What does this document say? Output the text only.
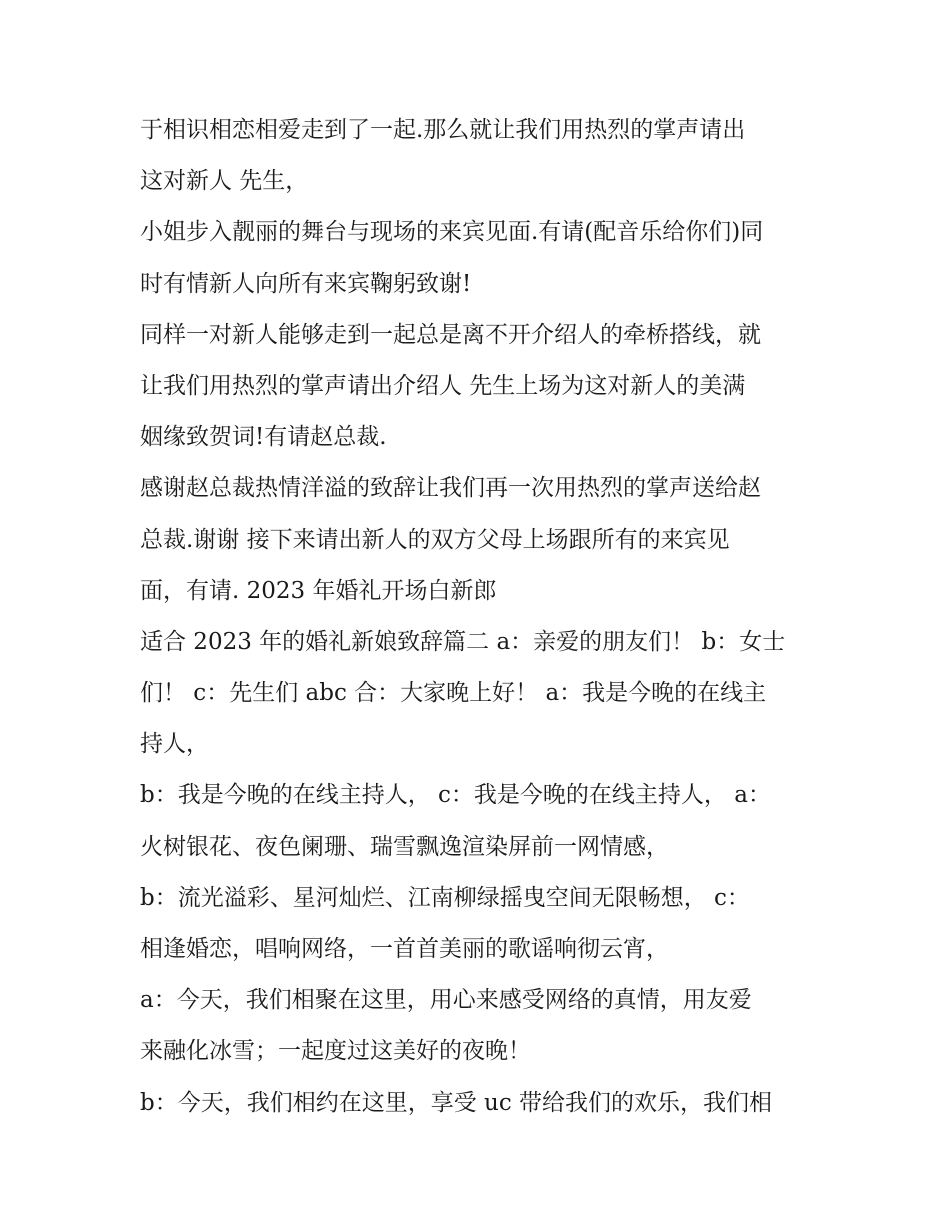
于相识相恋相爱走到了一起.那么就让我们用热烈的掌声请出
这对新人 先生，
小姐步入靓丽的舞台与现场的来宾见面.有请(配音乐给你们)同
时有情新人向所有来宾鞠躬致谢!
同样一对新人能够走到一起总是离不开介绍人的牵桥搭线，就
让我们用热烈的掌声请出介绍人 先生上场为这对新人的美满
姻缘致贺词!有请赵总裁.
感谢赵总裁热情洋溢的致辞让我们再一次用热烈的掌声送给赵
总裁.谢谢 接下来请出新人的双方父母上场跟所有的来宾见
面，有请. 2023 年婚礼开场白新郎
适合 2023 年的婚礼新娘致辞篇二 a：亲爱的朋友们！ b：女士
们！ c：先生们 abc 合：大家晚上好！ a：我是今晚的在线主
持人，
b：我是今晚的在线主持人， c：我是今晚的在线主持人， a：
火树银花、夜色阑珊、瑞雪飘逸渲染屏前一网情感，
b：流光溢彩、星河灿烂、江南柳绿摇曳空间无限畅想， c：
相逢婚恋，唱响网络，一首首美丽的歌谣响彻云宵，
a：今天，我们相聚在这里，用心来感受网络的真情，用友爱
来融化冰雪；一起度过这美好的夜晚！
b：今天，我们相约在这里，享受 uc 带给我们的欢乐，我们相
